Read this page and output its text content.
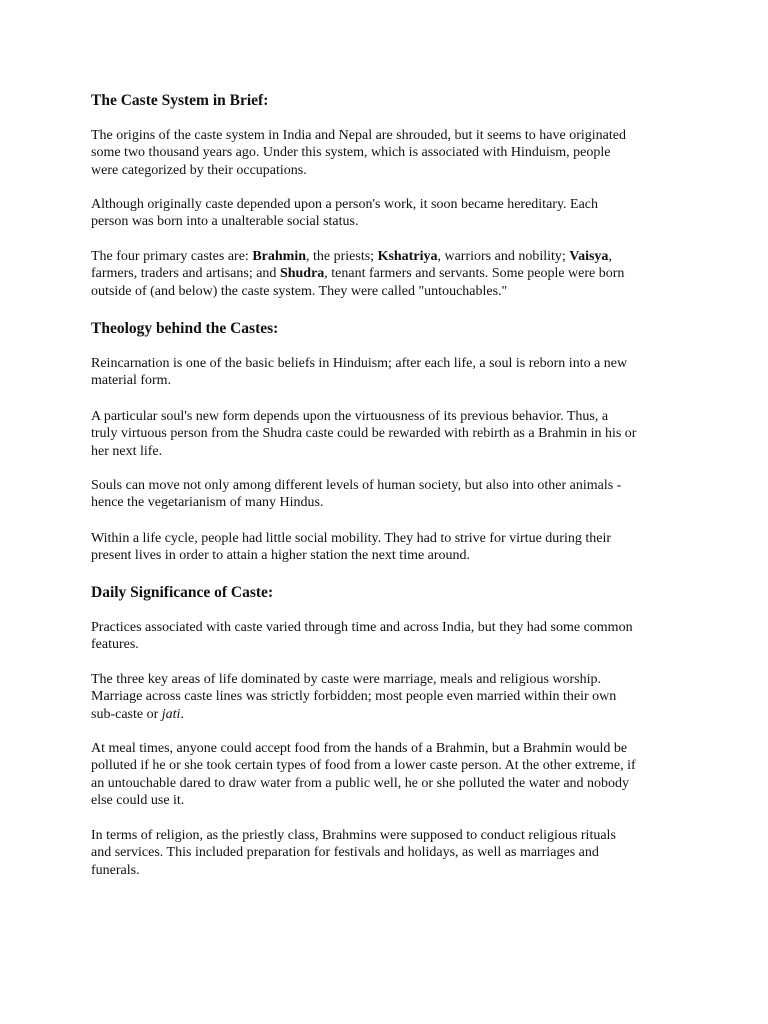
The Caste System in Brief:

The origins of the caste system in India and Nepal are shrouded, but it seems to have originated
some two thousand years ago. Under this system, which is associated with Hinduism, people
were categorized by their occupations.

Although originally caste depended upon a person's work, it soon became hereditary. Each
person was born into a unalterable social status.

The four primary castes are: Brahmin, the priests; Kshatriya, warriors and nobility; Vaisya,
farmers, traders and artisans; and Shudra, tenant farmers and servants. Some people were born
outside of (and below) the caste system. They were called "untouchables."

Theology behind the Castes:

Reincarnation is one of the basic beliefs in Hinduism; after each life, a soul is reborn into a new
material form.

A particular soul's new form depends upon the virtuousness of its previous behavior. Thus, a
truly virtuous person from the Shudra caste could be rewarded with rebirth as a Brahmin in his or
her next life.

Souls can move not only among different levels of human society, but also into other animals -
hence the vegetarianism of many Hindus.

Within a life cycle, people had little social mobility. They had to strive for virtue during their
present lives in order to attain a higher station the next time around.

Daily Significance of Caste:

Practices associated with caste varied through time and across India, but they had some common
features.

The three key areas of life dominated by caste were marriage, meals and religious worship.
Marriage across caste lines was strictly forbidden; most people even married within their own
sub-caste or jati.

At meal times, anyone could accept food from the hands of a Brahmin, but a Brahmin would be
polluted if he or she took certain types of food from a lower caste person. At the other extreme, if
an untouchable dared to draw water from a public well, he or she polluted the water and nobody
else could use it.

In terms of religion, as the priestly class, Brahmins were supposed to conduct religious rituals
and services. This included preparation for festivals and holidays, as well as marriages and
funerals.
